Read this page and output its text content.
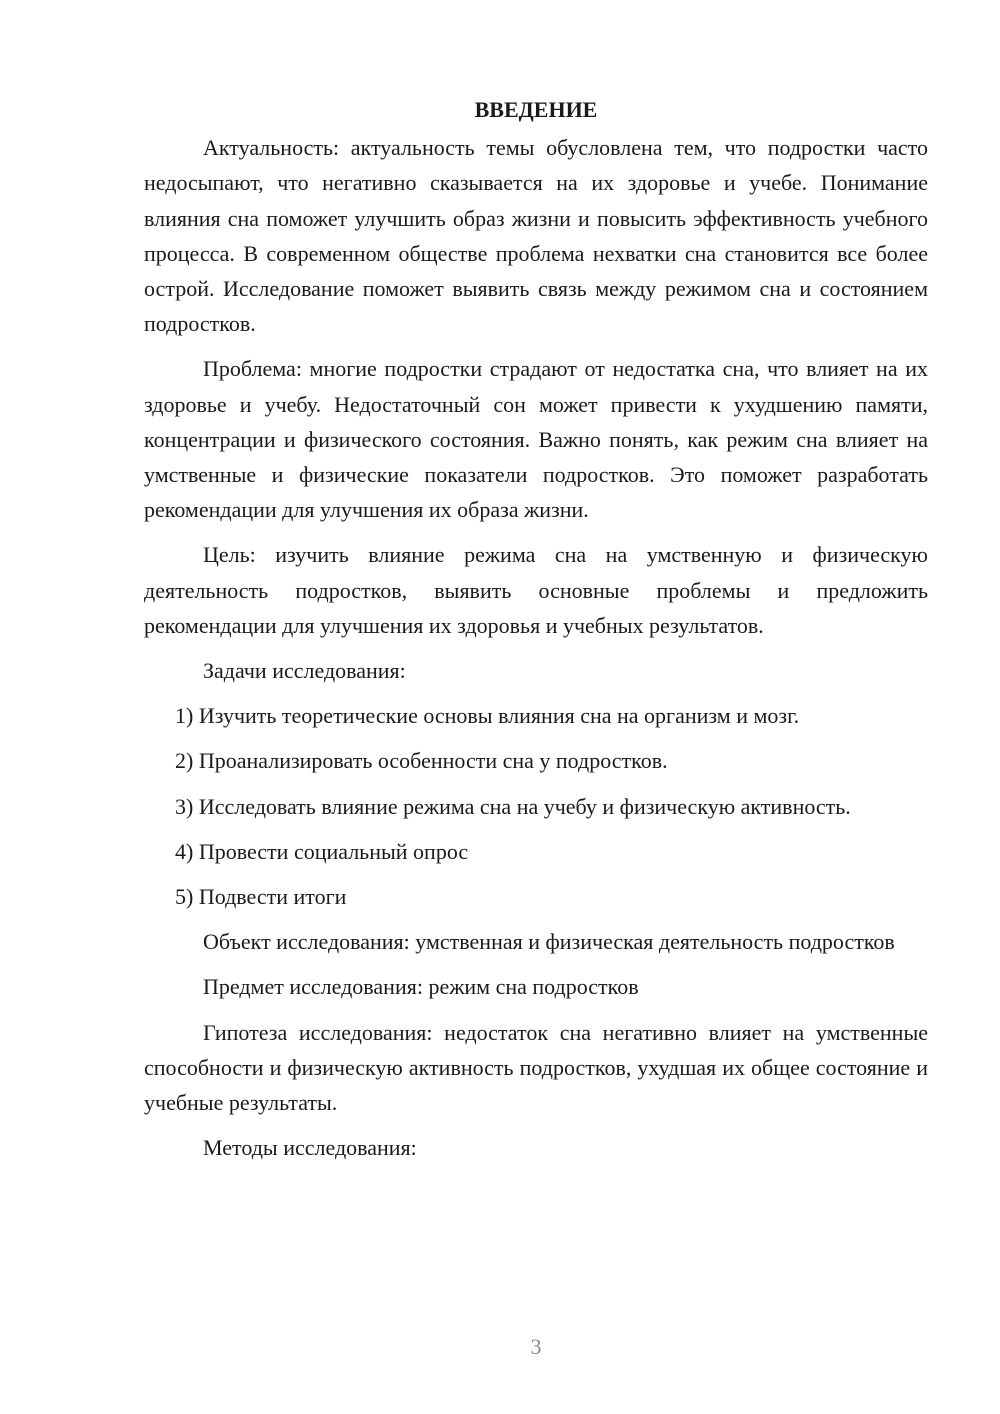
ВВЕДЕНИЕ

Актуальность: актуальность темы обусловлена тем, что подростки часто недосыпают, что негативно сказывается на их здоровье и учебе. Понимание влияния сна поможет улучшить образ жизни и повысить эффективность учебного процесса. В современном обществе проблема нехватки сна становится все более острой. Исследование поможет выявить связь между режимом сна и состоянием подростков.

Проблема: многие подростки страдают от недостатка сна, что влияет на их здоровье и учебу. Недостаточный сон может привести к ухудшению памяти, концентрации и физического состояния. Важно понять, как режим сна влияет на умственные и физические показатели подростков. Это поможет разработать рекомендации для улучшения их образа жизни.

Цель: изучить влияние режима сна на умственную и физическую деятельность подростков, выявить основные проблемы и предложить рекомендации для улучшения их здоровья и учебных результатов.

Задачи исследования:

1) Изучить теоретические основы влияния сна на организм и мозг.

2) Проанализировать особенности сна у подростков.

3) Исследовать влияние режима сна на учебу и физическую активность.

4) Провести социальный опрос

5) Подвести итоги

Объект исследования: умственная и физическая деятельность подростков

Предмет исследования: режим сна подростков

Гипотеза исследования: недостаток сна негативно влияет на умственные способности и физическую активность подростков, ухудшая их общее состояние и учебные результаты.

Методы исследования:

3
